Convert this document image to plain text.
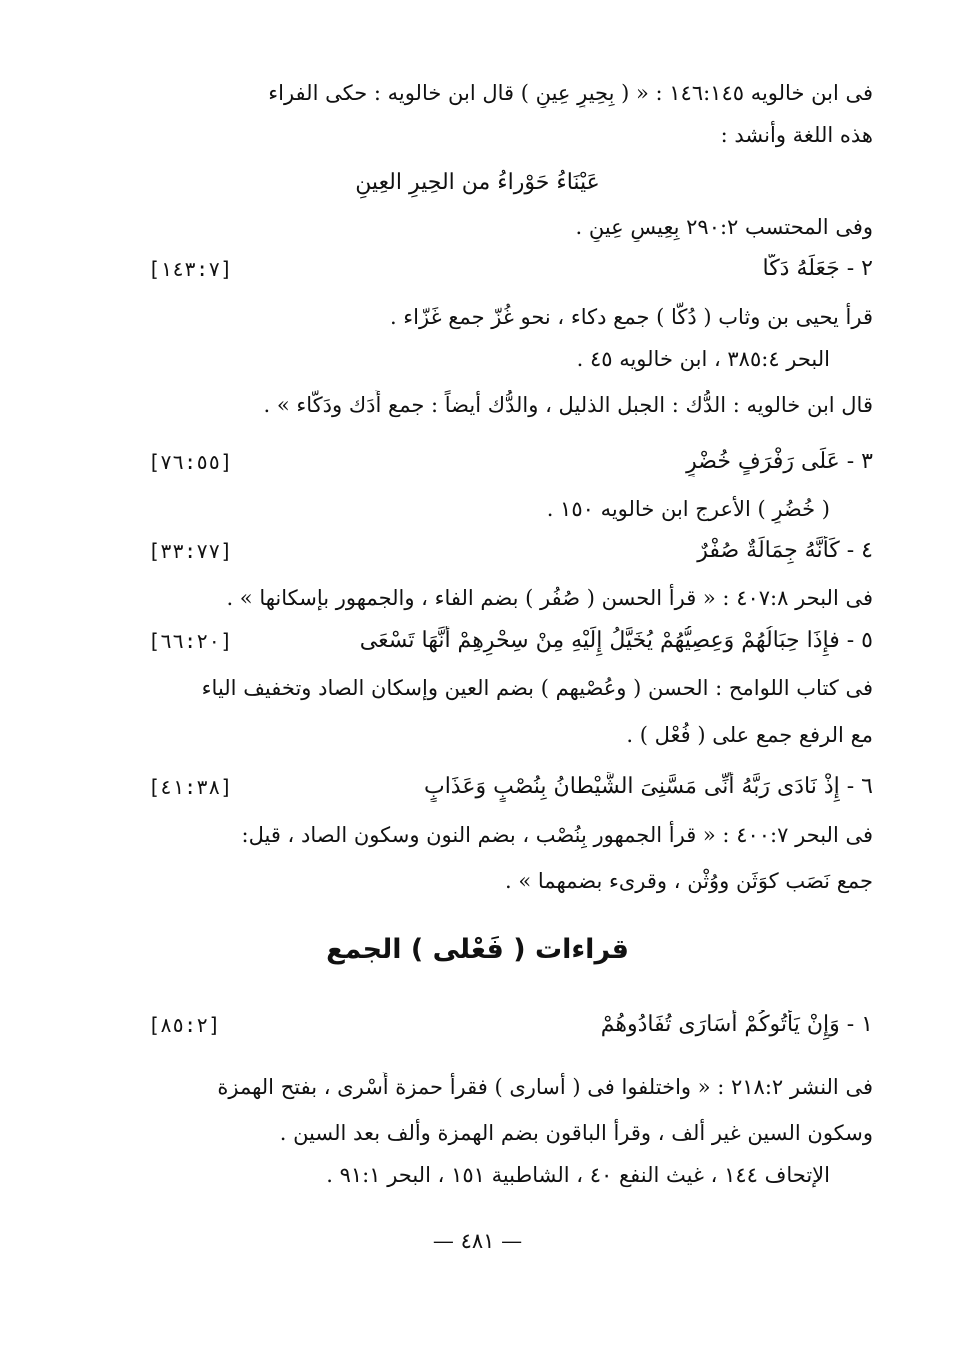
فى ابن خالويه ١٤٦:١٤٥ : « ( بِحِيرٍ عِينٍ ) قال ابن خالويه : حكى الفراء
هذه اللغة وأنشد :
عَيْنَاءُ حَوْراءُ من الحِيرِ العِينِ
وفى المحتسب ٢٩٠:٢ بِعِيسٍ عِينٍ .
٢ - جَعَلَهُ دَكًّا
[١٤٣:٧]
قرأ يحيى بن وثاب ( دُكًّا ) جمع دكاء ، نحو غُزّ جمع غَزّاء .
البحر ٣٨٥:٤ ، ابن خالويه ٤٥ .
قال ابن خالويه : الدُّك : الجبل الذليل ، والدُّك أيضاً : جمع أَدَك ودَكّاء » .
٣ - عَلَى رَفْرَفٍ خُضْرٍ
[٧٦:٥٥]
( خُضُرٍ ) الأعرج ابن خالويه ١٥٠ .
٤ - كَأَنَّهُ جِمَالَةٌ صُفْرٌ
[٣٣:٧٧]
فى البحر ٤٠٧:٨ : « قرأ الحسن ( صُفُر ) بضم الفاء ، والجمهور بإسكانها » .
٥ - فإِذَا حِبَالُهُمْ وَعِصِيُّهُمْ يُخَيَّلُ إِلَيْهِ مِنْ سِحْرِهِمْ أَنَّهَا تَسْعَى
[٦٦:٢٠]
فى كتاب اللوامح : الحسن ( وعُصْيهم ) بضم العين وإسكان الصاد وتخفيف الياء
مع الرفع جمع على ( فُعْل ) .
٦ - إِذْ نَادَى رَبَّهُ أَنِّى مَسَّنِىَ الشَّيْطانُ بِنُصْبٍ وَعَذَابٍ
[٤١:٣٨]
فى البحر ٤٠٠:٧ : « قرأ الجمهور بِنُصْب ، بضم النون وسكون الصاد ، قيل:
جمع نَصَب كوَثَن ووُثْن ، وقرىء بضمهما » .
قراءات ( فَعْلى ) الجمع
١ - وَإِنْ يَأْتُوكُمْ أُسَارَى تُفَادُوهُمْ
[٨٥:٢]
فى النشر ٢١٨:٢ : « واختلفوا فى ( أسارى ) فقرأ حمزة أَسْرى ، بفتح الهمزة
وسكون السين غير ألف ، وقرأ الباقون بضم الهمزة وألف بعد السين .
الإتحاف ١٤٤ ، غيث النفع ٤٠ ، الشاطبية ١٥١ ، البحر ٩١:١ .
— ٤٨١ —
